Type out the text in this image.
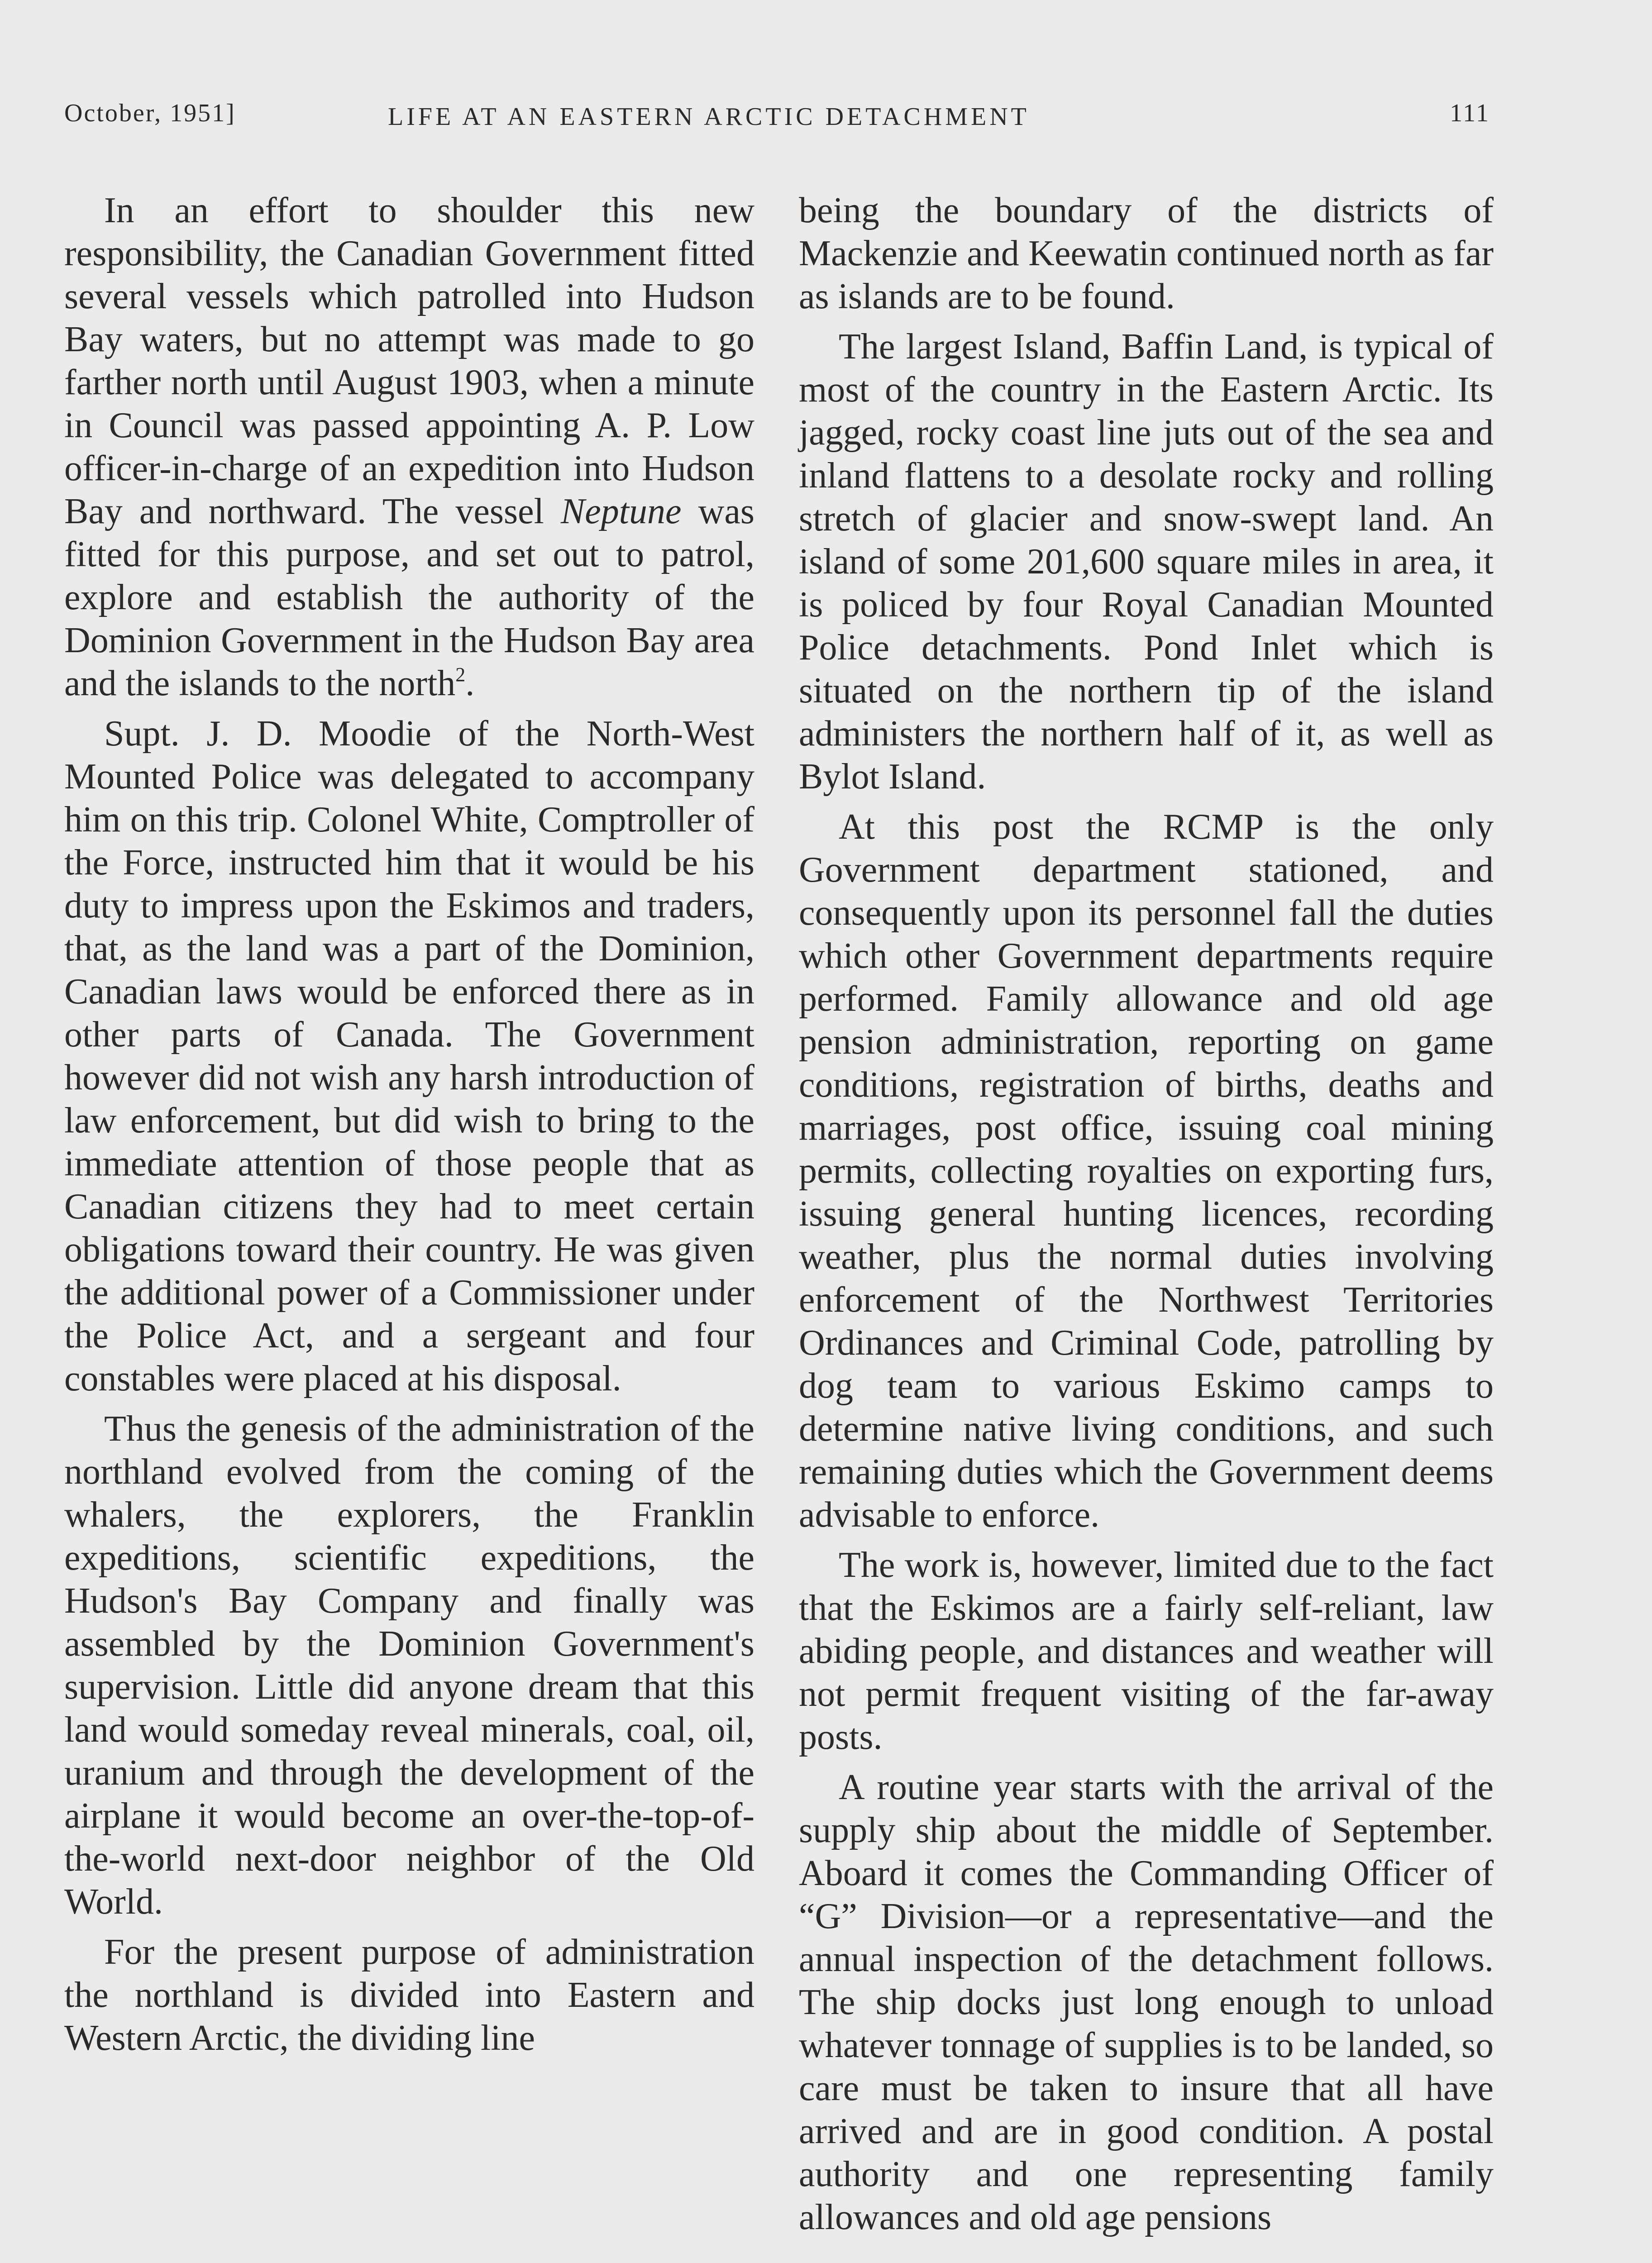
October, 1951]	LIFE AT AN EASTERN ARCTIC DETACHMENT	111

In an effort to shoulder this new responsibility, the Canadian Government fitted several vessels which patrolled into Hudson Bay waters, but no attempt was made to go farther north until August 1903, when a minute in Council was passed appointing A. P. Low officer-in-charge of an expedition into Hudson Bay and northward. The vessel Neptune was fitted for this purpose, and set out to patrol, explore and establish the authority of the Dominion Government in the Hudson Bay area and the islands to the north$^2$.

Supt. J. D. Moodie of the North-West Mounted Police was delegated to accompany him on this trip. Colonel White, Comptroller of the Force, instructed him that it would be his duty to impress upon the Eskimos and traders, that, as the land was a part of the Dominion, Canadian laws would be enforced there as in other parts of Canada. The Government however did not wish any harsh introduction of law enforcement, but did wish to bring to the immediate attention of those people that as Canadian citizens they had to meet certain obligations toward their country. He was given the additional power of a Commissioner under the Police Act, and a sergeant and four constables were placed at his disposal.

Thus the genesis of the administration of the northland evolved from the coming of the whalers, the explorers, the Franklin expeditions, scientific expeditions, the Hudson's Bay Company and finally was assembled by the Dominion Government's supervision. Little did anyone dream that this land would someday reveal minerals, coal, oil, uranium and through the development of the airplane it would become an over-the-top-of-the-world next-door neighbor of the Old World.

For the present purpose of administration the northland is divided into Eastern and Western Arctic, the dividing line

being the boundary of the districts of Mackenzie and Keewatin continued north as far as islands are to be found.

The largest Island, Baffin Land, is typical of most of the country in the Eastern Arctic. Its jagged, rocky coast line juts out of the sea and inland flattens to a desolate rocky and rolling stretch of glacier and snow-swept land. An island of some 201,600 square miles in area, it is policed by four Royal Canadian Mounted Police detachments. Pond Inlet which is situated on the northern tip of the island administers the northern half of it, as well as Bylot Island.

At this post the RCMP is the only Government department stationed, and consequently upon its personnel fall the duties which other Government departments require performed. Family allowance and old age pension administration, reporting on game conditions, registration of births, deaths and marriages, post office, issuing coal mining permits, collecting royalties on exporting furs, issuing general hunting licences, recording weather, plus the normal duties involving enforcement of the Northwest Territories Ordinances and Criminal Code, patrolling by dog team to various Eskimo camps to determine native living conditions, and such remaining duties which the Government deems advisable to enforce.

The work is, however, limited due to the fact that the Eskimos are a fairly self-reliant, law abiding people, and distances and weather will not permit frequent visiting of the far-away posts.

A routine year starts with the arrival of the supply ship about the middle of September. Aboard it comes the Commanding Officer of “G” Division—or a representative—and the annual inspection of the detachment follows. The ship docks just long enough to unload whatever tonnage of supplies is to be landed, so care must be taken to insure that all have arrived and are in good condition. A postal authority and one representing family allowances and old age pensions
